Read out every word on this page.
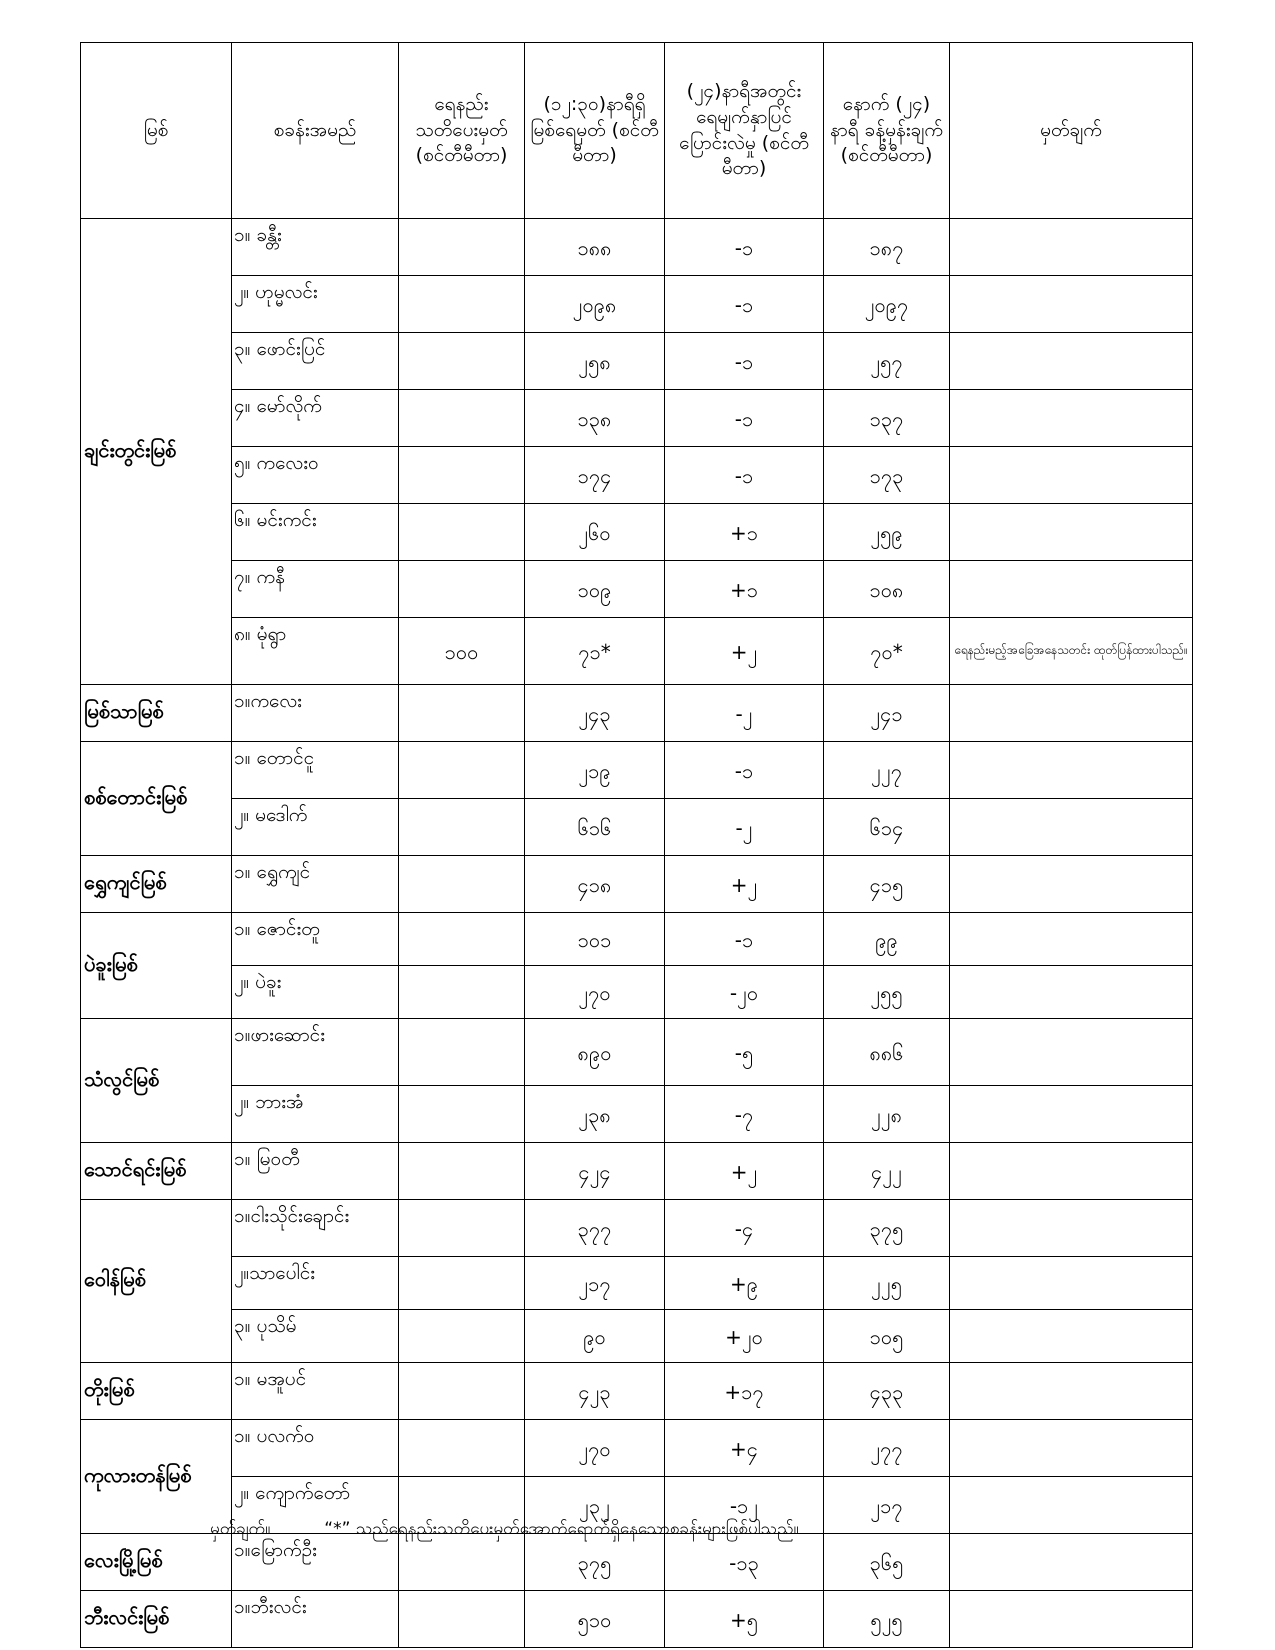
မြစ်	စခန်းအမည်	ရေနည်း သတိပေးမှတ် (စင်တီမီတာ)	(၁၂:၃၀)နာရီရှိ မြစ်ရေမှတ် (စင်တီမီတာ)	(၂၄)နာရီအတွင်း ရေမျက်နှာပြင် ပြောင်းလဲမှု (စင်တီမီတာ)	နောက် (၂၄) နာရီ ခန့်မှန်းချက် (စင်တီမီတာ)	မှတ်ချက်
ချင်းတွင်းမြစ်	၁။ ခန္တီး		၁၈၈	-၁	၁၈၇	
	၂။ ဟုမ္မလင်း		၂၀၉၈	-၁	၂၀၉၇	
	၃။ ဖောင်းပြင်		၂၅၈	-၁	၂၅၇	
	၄။ မော်လိုက်		၁၃၈	-၁	၁၃၇	
	၅။ ကလေးဝ		၁၇၄	-၁	၁၇၃	
	၆။ မင်းကင်း		၂၆၀	+၁	၂၅၉	
	၇။ ကနီ		၁၀၉	+၁	၁၀၈	
	၈။ မုံရွာ	၁၀၀	၇၁*	+၂	၇၀*	ရေနည်းမည့်အခြေအနေသတင်း ထုတ်ပြန်ထားပါသည်။
မြစ်သာမြစ်	၁။ကလေး		၂၄၃	-၂	၂၄၁	
စစ်တောင်းမြစ်	၁။ တောင်ငူ		၂၁၉	-၁	၂၂၇	
	၂။ မဒေါက်		၆၁၆	-၂	၆၁၄	
ရွှေကျင်မြစ်	၁။ ရွှေကျင်		၄၁၈	+၂	၄၁၅	
ပဲခူးမြစ်	၁။ ဇောင်းတူ		၁၀၁	-၁	၉၉	
	၂။ ပဲခူး		၂၇၀	-၂၀	၂၅၅	
သံလွင်မြစ်	၁။ဖားဆောင်း		၈၉၀	-၅	၈၈၆	
	၂။ ဘားအံ		၂၃၈	-၇	၂၂၈	
သောင်ရင်းမြစ်	၁။ မြဝတီ		၄၂၄	+၂	၄၂၂	
ဝေါန်မြစ်	၁။ငါးသိုင်းချောင်း		၃၇၇	-၄	၃၇၅	
	၂။သာပေါင်း		၂၁၇	+၉	၂၂၅	
	၃။ ပုသိမ်		၉၀	+၂၀	၁၀၅	
တိုးမြစ်	၁။ မအူပင်		၄၂၃	+၁၇	၄၃၃	
ကုလားတန်မြစ်	၁။ ပလက်ဝ		၂၇၀	+၄	၂၇၇	
	၂။ ကျောက်တော်		၂၃၂	-၁၂	၂၁၇	
လေးမြို့မြစ်	၁။မြောက်ဦး		၃၇၅	-၁၃	၃၆၅	
ဘီးလင်းမြစ်	၁။ဘီးလင်း		၅၁၀	+၅	၅၂၅	
မှတ်ချက်။	“*” သည်ရေနည်းသတိပေးမှတ်အောက်ရောက်ရှိနေသောစခန်းများဖြစ်ပါသည်။
